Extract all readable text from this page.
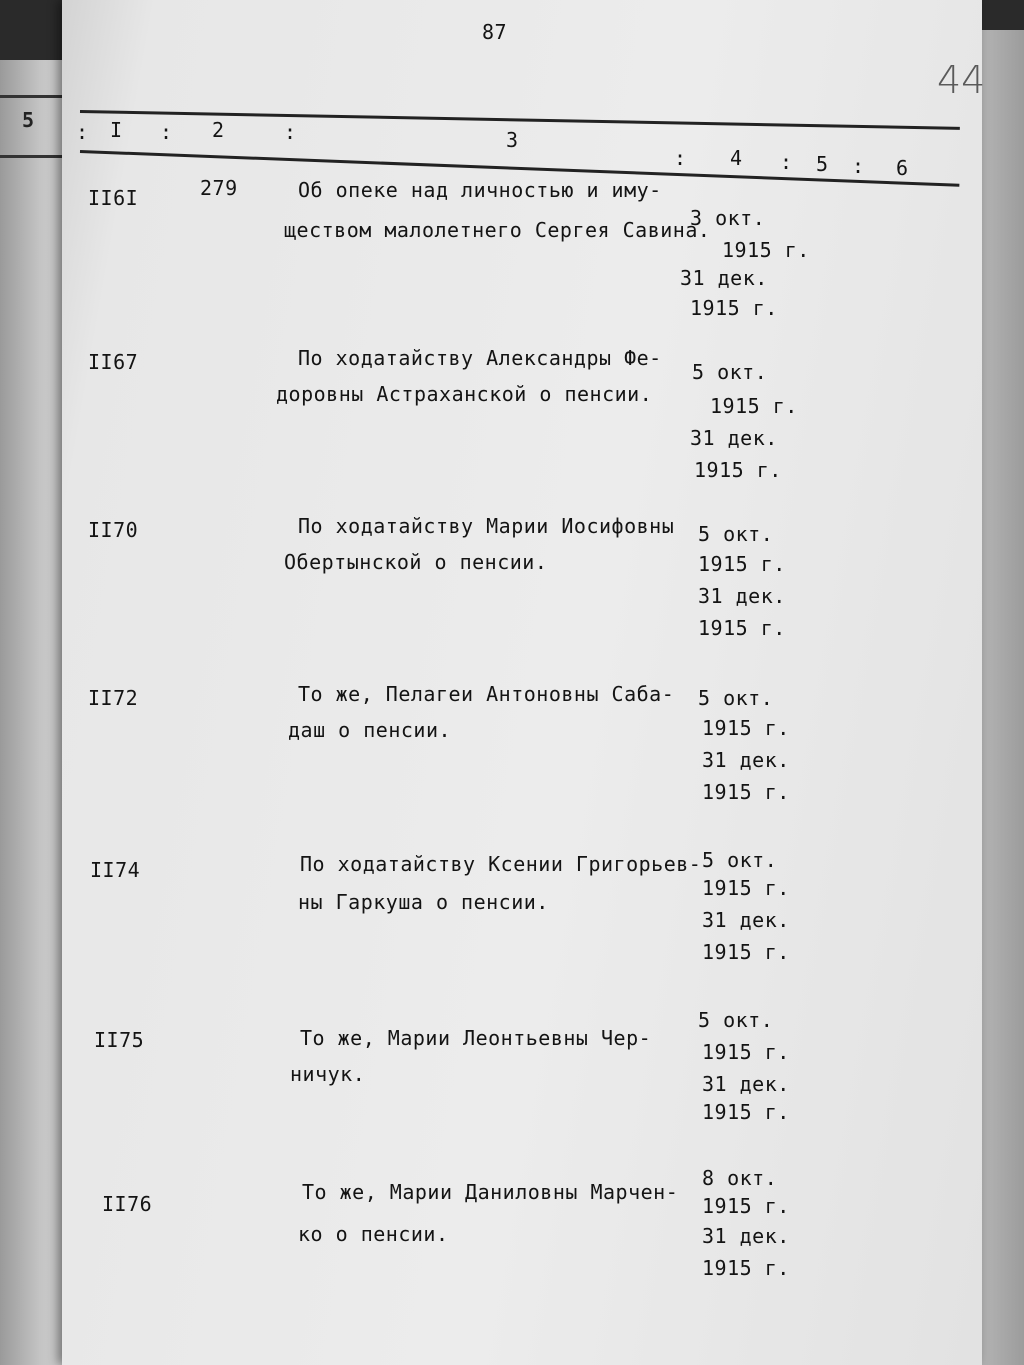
5
87
44
: I : 2	:	3
: 4 : 5 : 6
II6I	279	Об опеке над личностью и иму-
ществом малолетнего Сергея Савина.
3 окт.
1915 г.
31 дек.
1915 г.
II67	По ходатайству Александры Фе-
доровны Астраханской о пенсии.
5 окт.
1915 г.
31 дек.
1915 г.
II70	По ходатайству Марии Иосифовны
Обертынской о пенсии.
5 окт.
1915 г.
31 дек.
1915 г.
II72	То же, Пелагеи Антоновны Саба-
даш о пенсии.
5 окт.
1915 г.
31 дек.
1915 г.
II74	По ходатайству Ксении Григорьев-
ны Гаркуша о пенсии.
5 окт.
1915 г.
31 дек.
1915 г.
II75	То же, Марии Леонтьевны Чер-
ничук.
5 окт.
1915 г.
31 дек.
1915 г.
II76	То же, Марии Даниловны Марчен-
ко о пенсии.
8 окт.
1915 г.
31 дек.
1915 г.
